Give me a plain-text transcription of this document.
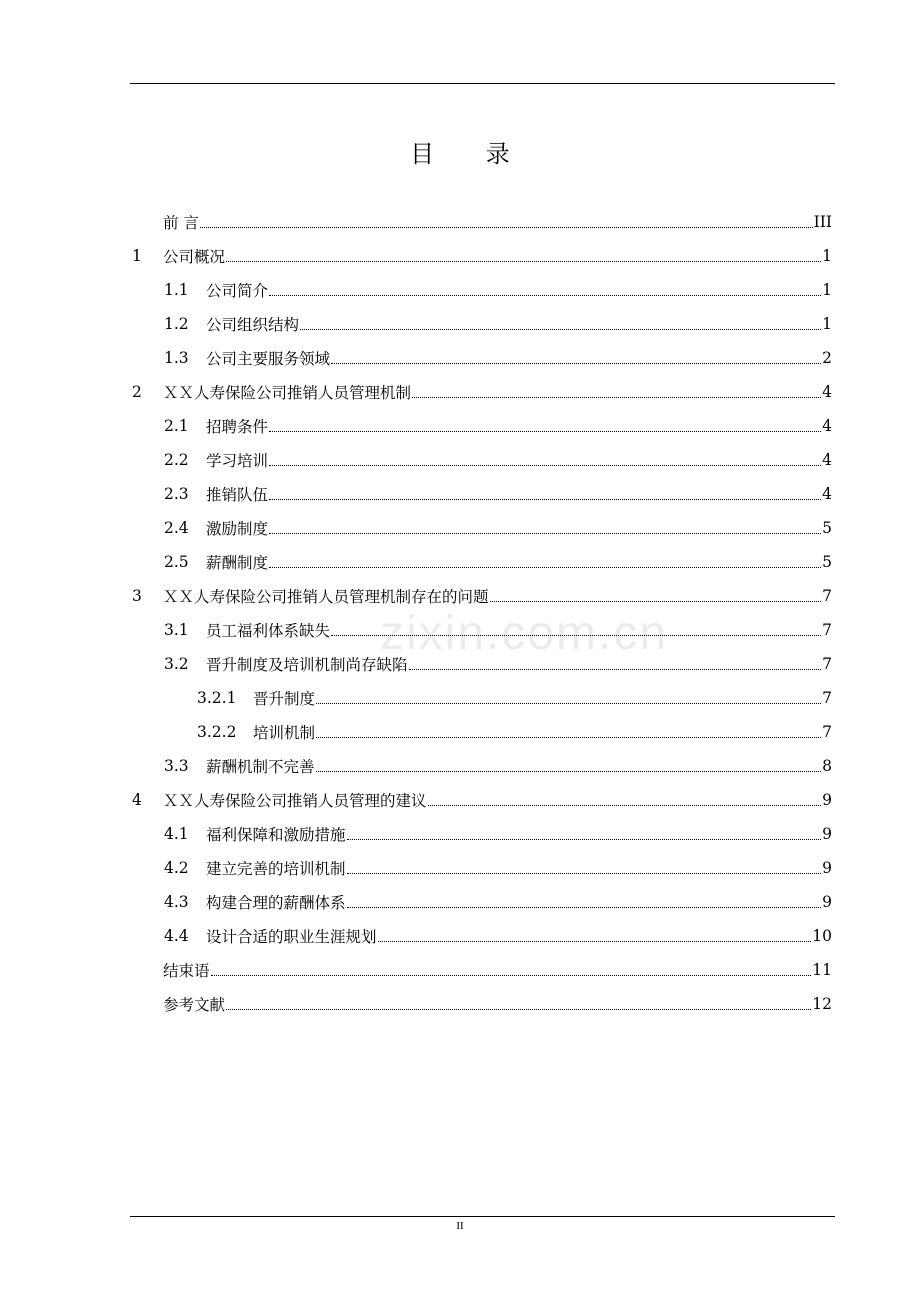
目 录
zixin.com.cn
前 言	III
1	公司概况	1
1.1	公司简介	1
1.2	公司组织结构	1
1.3	公司主要服务领域	2
2	ＸＸ人寿保险公司推销人员管理机制	4
2.1	招聘条件	4
2.2	学习培训	4
2.3	推销队伍	4
2.4	激励制度	5
2.5	薪酬制度	5
3	ＸＸ人寿保险公司推销人员管理机制存在的问题	7
3.1	员工福利体系缺失	7
3.2	晋升制度及培训机制尚存缺陷	7
3.2.1	晋升制度	7
3.2.2	培训机制	7
3.3	薪酬机制不完善	8
4	ＸＸ人寿保险公司推销人员管理的建议	9
4.1	福利保障和激励措施	9
4.2	建立完善的培训机制	9
4.3	构建合理的薪酬体系	9
4.4	设计合适的职业生涯规划	10
结束语	11
参考文献	12
II
